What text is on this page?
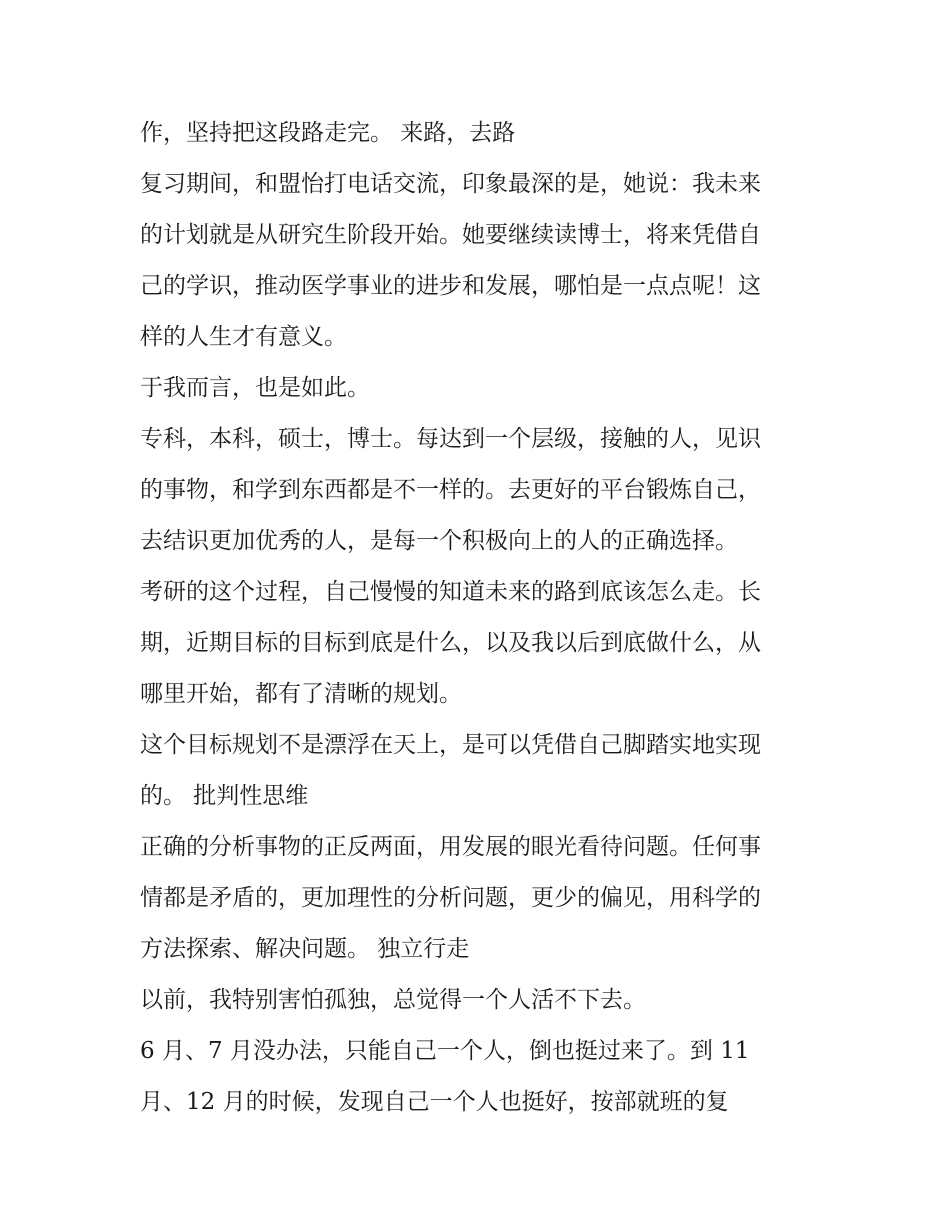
作，坚持把这段路走完。 来路，去路
复习期间，和盟怡打电话交流，印象最深的是，她说：我未来
的计划就是从研究生阶段开始。她要继续读博士，将来凭借自
己的学识，推动医学事业的进步和发展，哪怕是一点点呢！这
样的人生才有意义。
于我而言，也是如此。
专科，本科，硕士，博士。每达到一个层级，接触的人，见识
的事物，和学到东西都是不一样的。去更好的平台锻炼自己，
去结识更加优秀的人，是每一个积极向上的人的正确选择。
考研的这个过程，自己慢慢的知道未来的路到底该怎么走。长
期，近期目标的目标到底是什么，以及我以后到底做什么，从
哪里开始，都有了清晰的规划。
这个目标规划不是漂浮在天上，是可以凭借自己脚踏实地实现
的。 批判性思维
正确的分析事物的正反两面，用发展的眼光看待问题。任何事
情都是矛盾的，更加理性的分析问题，更少的偏见，用科学的
方法探索、解决问题。 独立行走
以前，我特别害怕孤独，总觉得一个人活不下去。
6 月、7 月没办法，只能自己一个人，倒也挺过来了。到 11
月、12 月的时候，发现自己一个人也挺好，按部就班的复
